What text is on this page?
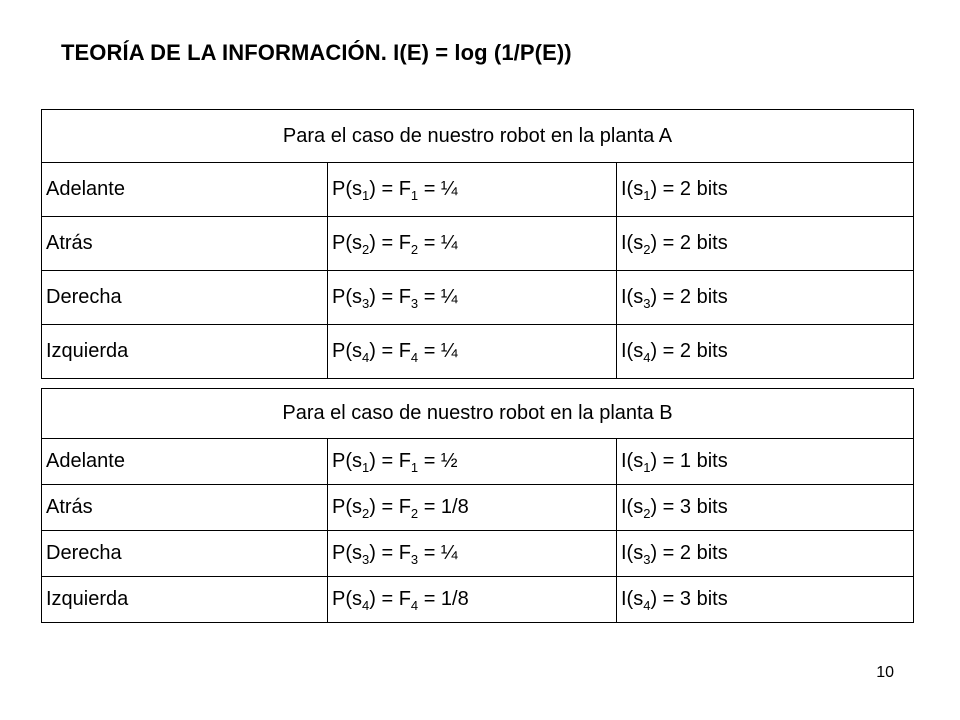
TEORÍA DE LA INFORMACIÓN. I(E) = log (1/P(E))
Para el caso de nuestro robot en la planta A		
Adelante	$P(s_1) = F_1$ = ¼	$I(s_1) = 2$ bits
Atrás	$P(s_2) = F_2$ = ¼	$I(s_2) = 2$ bits
Derecha	$P(s_3) = F_3$ = ¼	$I(s_3) = 2$ bits
Izquierda	$P(s_4) = F_4$ = ¼	$I(s_4) = 2$ bits
Para el caso de nuestro robot en la planta B		
Adelante	$P(s_1) = F_1$ = ½	$I(s_1) = 1$ bits
Atrás	$P(s_2) = F_2 = 1/8$	$I(s_2) = 3$ bits
Derecha	$P(s_3) = F_3$ = ¼	$I(s_3) = 2$ bits
Izquierda	$P(s_4) = F_4 = 1/8$	$I(s_4) = 3$ bits
10
